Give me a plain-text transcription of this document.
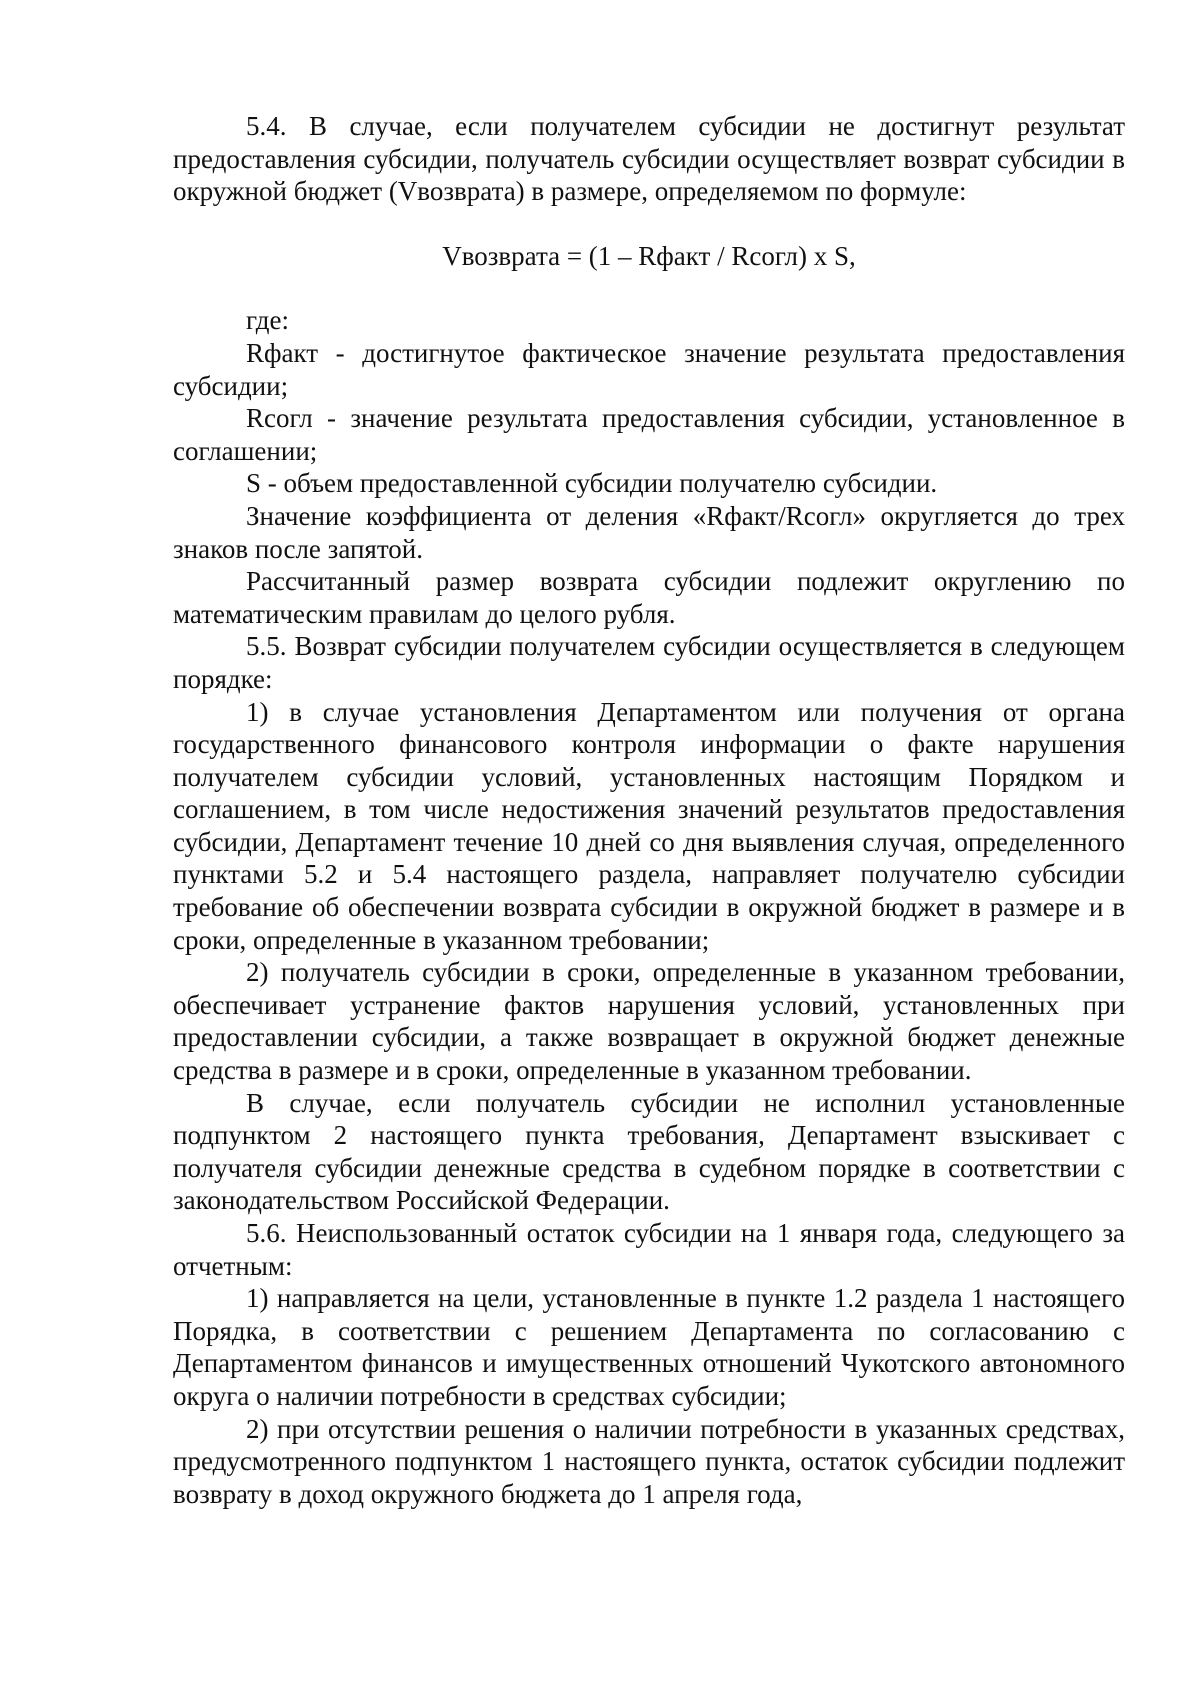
5.4. В случае, если получателем субсидии не достигнут результат предоставления субсидии, получатель субсидии осуществляет возврат субсидии в окружной бюджет (Vвозврата) в размере, определяемом по формуле:

Vвозврата = (1 – Rфакт / Rсогл) x S,

где:

Rфакт - достигнутое фактическое значение результата предоставления субсидии;

Rсогл - значение результата предоставления субсидии, установленное в соглашении;

S - объем предоставленной субсидии получателю субсидии.

Значение коэффициента от деления «Rфакт/Rсогл» округляется до трех знаков после запятой.

Рассчитанный размер возврата субсидии подлежит округлению по математическим правилам до целого рубля.

5.5. Возврат субсидии получателем субсидии осуществляется в следующем порядке:

1) в случае установления Департаментом или получения от органа государственного финансового контроля информации о факте нарушения получателем субсидии условий, установленных настоящим Порядком и соглашением, в том числе недостижения значений результатов предоставления субсидии, Департамент течение 10 дней со дня выявления случая, определенного пунктами 5.2 и 5.4 настоящего раздела, направляет получателю субсидии требование об обеспечении возврата субсидии в окружной бюджет в размере и в сроки, определенные в указанном требовании;

2) получатель субсидии в сроки, определенные в указанном требовании, обеспечивает устранение фактов нарушения условий, установленных при предоставлении субсидии, а также возвращает в окружной бюджет денежные средства в размере и в сроки, определенные в указанном требовании.

В случае, если получатель субсидии не исполнил установленные подпунктом 2 настоящего пункта требования, Департамент взыскивает с получателя субсидии денежные средства в судебном порядке в соответствии с законодательством Российской Федерации.

5.6. Неиспользованный остаток субсидии на 1 января года, следующего за отчетным:

1) направляется на цели, установленные в пункте 1.2 раздела 1 настоящего Порядка, в соответствии с решением Департамента по согласованию с Департаментом финансов и имущественных отношений Чукотского автономного округа о наличии потребности в средствах субсидии;

2) при отсутствии решения о наличии потребности в указанных средствах, предусмотренного подпунктом 1 настоящего пункта, остаток субсидии подлежит возврату в доход окружного бюджета до 1 апреля года,
